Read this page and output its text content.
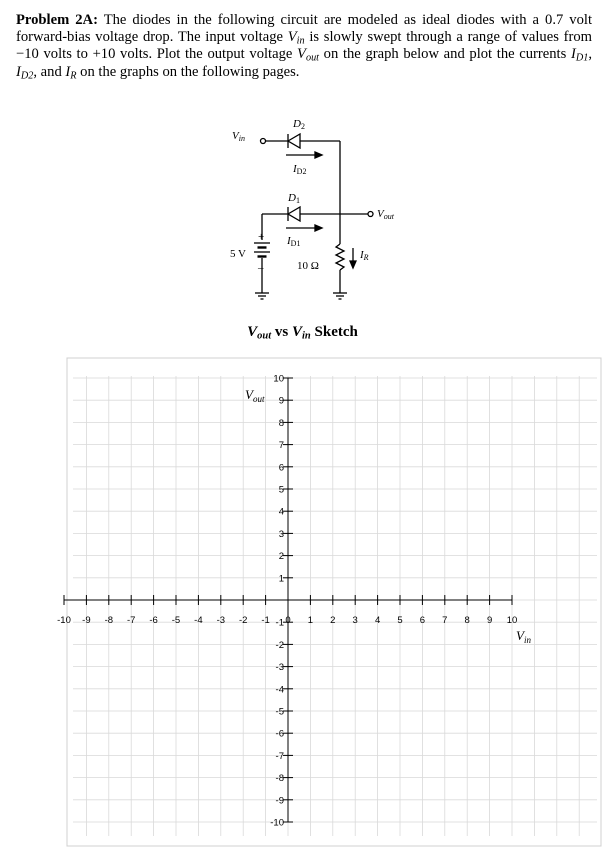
Problem 2A: The diodes in the following circuit are modeled as ideal diodes with a 0.7 volt forward-bias voltage drop. The input voltage $V_{in}$ is slowly swept through a range of values from −10 volts to +10 volts. Plot the output voltage $V_{out}$ on the graph below and plot the currents $I_{D1}$, $I_{D2}$, and $I_R$ on the graphs on the following pages.

Vin
D2
ID2
D1
ID1
10 Ω
Vout
IR
5 V
+
–
$V_{out}$ vs $V_{in}$ Sketch
-10 -9 -8 -7 -6 -5 -4 -3 -2 -1 0 1 2 3 4 5 6 7 8 9 10
-10
-9
-8
-7
-6
-5
-4
-3
-2
-1
1
2
3
4
5
6
7
8
9
10
$V_{in}$
$V_{out}$
